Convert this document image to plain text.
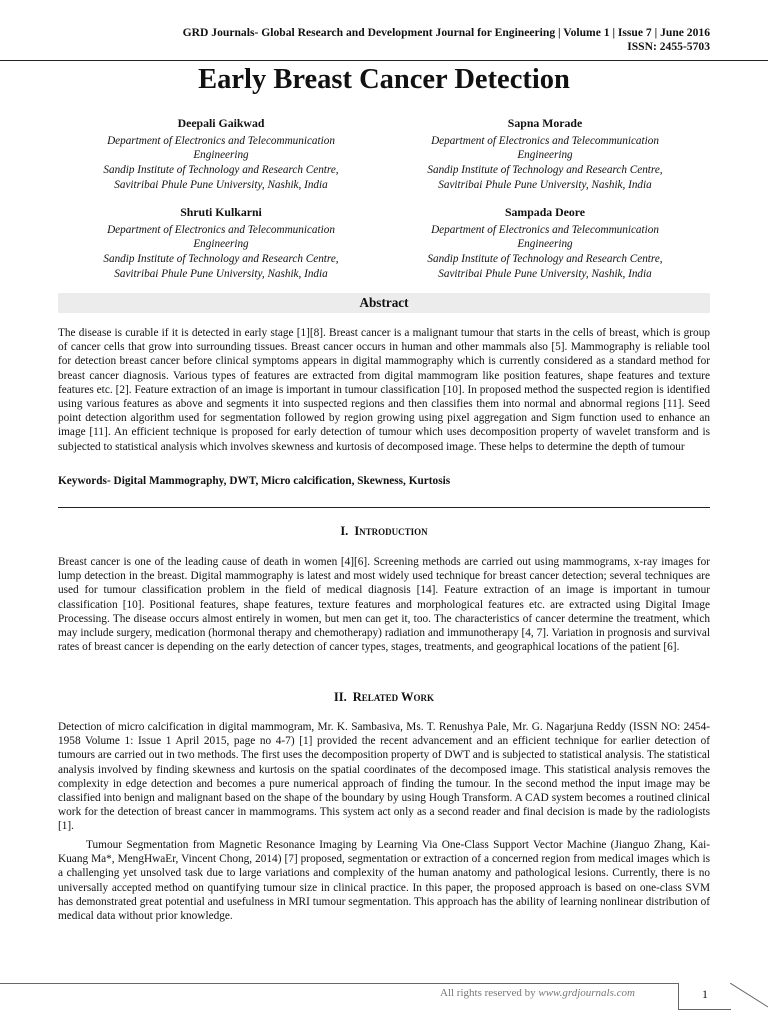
GRD Journals- Global Research and Development Journal for Engineering | Volume 1 | Issue 7 | June 2016
ISSN: 2455-5703
Early Breast Cancer Detection
Deepali Gaikwad
Department of Electronics and Telecommunication
Engineering
Sandip Institute of Technology and Research Centre,
Savitribai Phule Pune University, Nashik, India
Sapna Morade
Department of Electronics and Telecommunication
Engineering
Sandip Institute of Technology and Research Centre,
Savitribai Phule Pune University, Nashik, India
Shruti Kulkarni
Department of Electronics and Telecommunication
Engineering
Sandip Institute of Technology and Research Centre,
Savitribai Phule Pune University, Nashik, India
Sampada Deore
Department of Electronics and Telecommunication
Engineering
Sandip Institute of Technology and Research Centre,
Savitribai Phule Pune University, Nashik, India
Abstract

The disease is curable if it is detected in early stage [1][8]. Breast cancer is a malignant tumour that starts in the cells of breast, which is group of cancer cells that grow into surrounding tissues. Breast cancer occurs in human and other mammals also [5]. Mammography is reliable tool for detection breast cancer before clinical symptoms appears in digital mammography which is currently considered as a standard method for breast cancer diagnosis. Various types of features are extracted from digital mammogram like position features, shape features and texture features etc. [2]. Feature extraction of an image is important in tumour classification [10]. In proposed method the suspected region is identified using various features as above and segments it into suspected regions and then classifies them into normal and abnormal regions [11]. Seed point detection algorithm used for segmentation followed by region growing using pixel aggregation and Sigm function used to enhance an image [11]. An efficient technique is proposed for early detection of tumour which uses decomposition property of wavelet transform and is subjected to statistical analysis which involves skewness and kurtosis of decomposed image. These helps to determine the depth of tumour

Keywords- Digital Mammography, DWT, Micro calcification, Skewness, Kurtosis
I. Introduction

Breast cancer is one of the leading cause of death in women [4][6]. Screening methods are carried out using mammograms, x-ray images for lump detection in the breast. Digital mammography is latest and most widely used technique for breast cancer detection; several techniques are used for tumour classification problem in the field of medical diagnosis [14]. Feature extraction of an image is important in tumour classification [10]. Positional features, shape features, texture features and morphological features etc. are extracted using Digital Image Processing. The disease occurs almost entirely in women, but men can get it, too. The characteristics of cancer determine the treatment, which may include surgery, medication (hormonal therapy and chemotherapy) radiation and immunotherapy [4, 7]. Variation in prognosis and survival rates of breast cancer is depending on the early detection of cancer types, stages, treatments, and geographical locations of the patient [6].

II. Related Work

Detection of micro calcification in digital mammogram, Mr. K. Sambasiva, Ms. T. Renushya Pale, Mr. G. Nagarjuna Reddy (ISSN NO: 2454-1958 Volume 1: Issue 1 April 2015, page no 4-7) [1] provided the recent advancement and an efficient technique for earlier detection of tumours are carried out in two methods. The first uses the decomposition property of DWT and is subjected to statistical analysis. The statistical analysis involved by finding skewness and kurtosis on the spatial coordinates of the decomposed image. This statistical analysis removes the complexity in edge detection and becomes a pure numerical approach of finding the tumour. In the second method the input image may be classified into benign and malignant based on the shape of the boundary by using Hough Transform. A CAD system becomes a routined clinical work for the detection of breast cancer in mammograms. This system act only as a second reader and final decision is made by the radiologists [1].

Tumour Segmentation from Magnetic Resonance Imaging by Learning Via One-Class Support Vector Machine (Jianguo Zhang, Kai-Kuang Ma*, MengHwaEr, Vincent Chong, 2014) [7] proposed, segmentation or extraction of a concerned region from medical images which is a challenging yet unsolved task due to large variations and complexity of the human anatomy and pathological lesions. Currently, there is no universally accepted method on quantifying tumour size in clinical practice. In this paper, the proposed approach is based on one-class SVM has demonstrated great potential and usefulness in MRI tumour segmentation. This approach has the ability of learning nonlinear distribution of medical data without prior knowledge.

All rights reserved by www.grdjournals.com	1
